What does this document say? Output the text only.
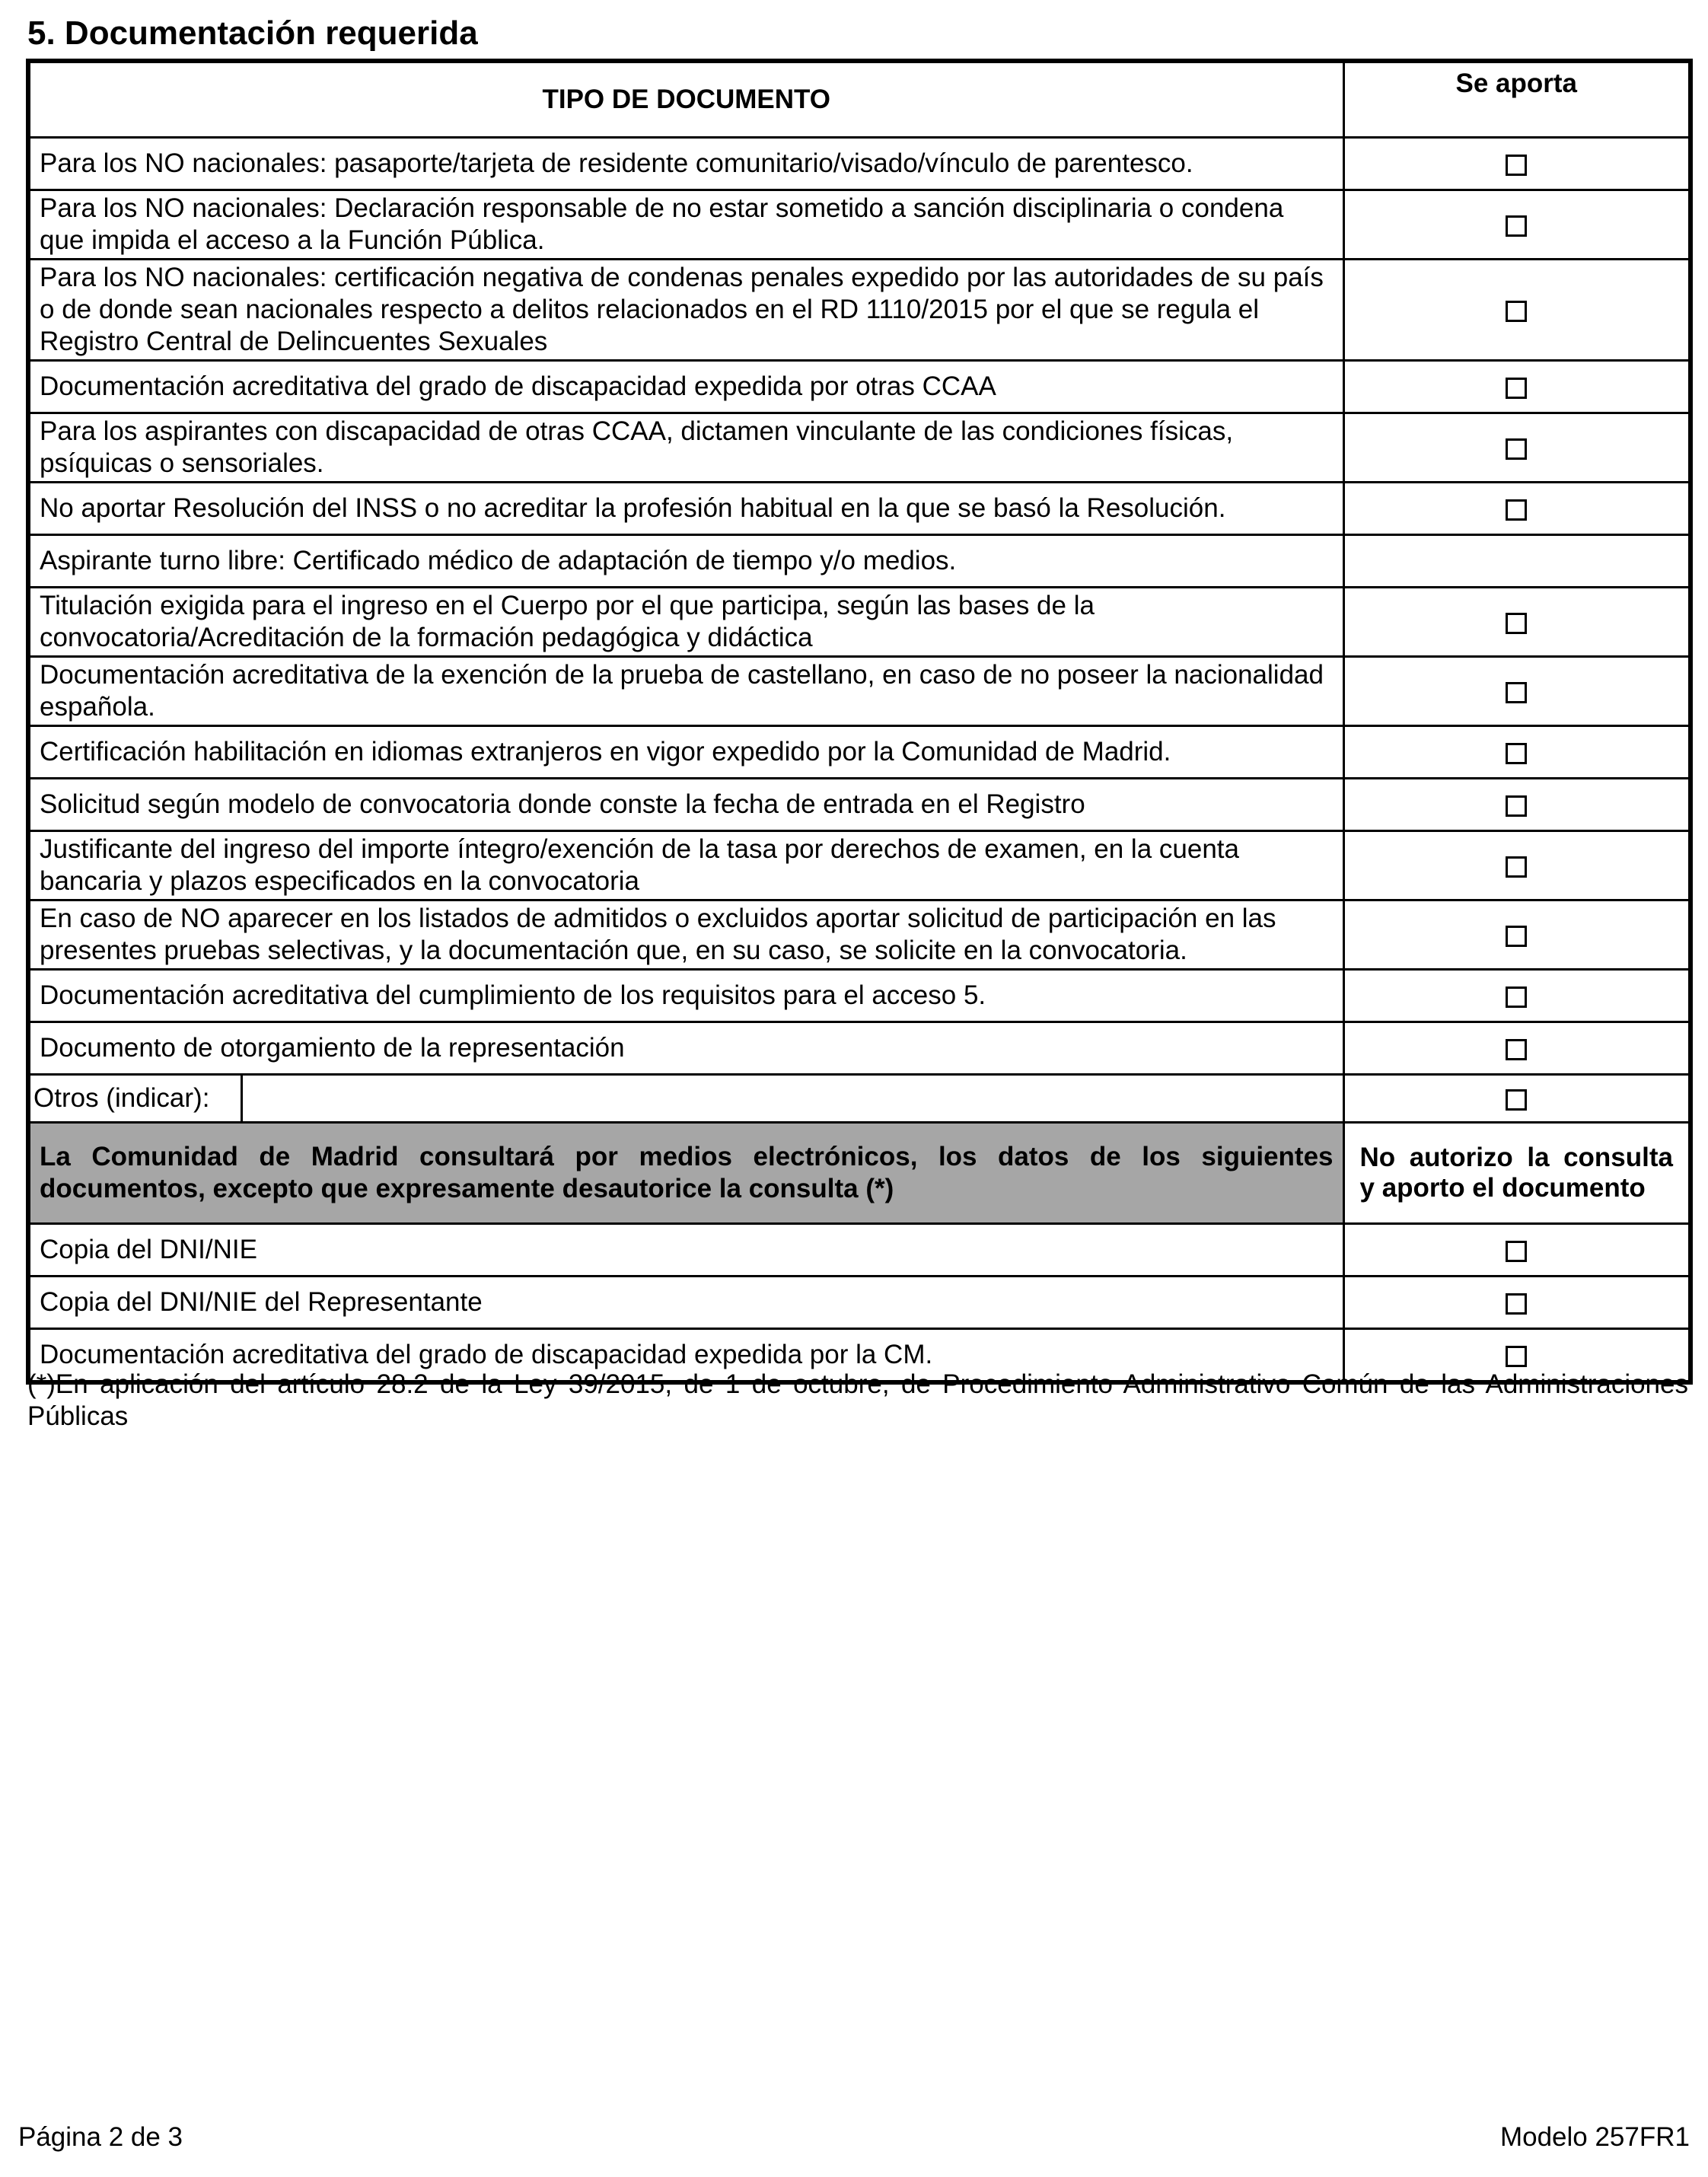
5. Documentación requerida
TIPO DE DOCUMENTO	Se aporta
Para los NO nacionales: pasaporte/tarjeta de residente comunitario/visado/vínculo de parentesco.	
Para los NO nacionales: Declaración responsable de no estar sometido a sanción disciplinaria o condena que impida el acceso a la Función Pública.	
Para los NO nacionales: certificación negativa de condenas penales expedido por las autoridades de su país o de donde sean nacionales respecto a delitos relacionados en el RD 1110/2015 por el que se regula el Registro Central de Delincuentes Sexuales	
Documentación acreditativa del grado de discapacidad expedida por otras CCAA	
Para los aspirantes con discapacidad de otras CCAA, dictamen vinculante de las condiciones físicas, psíquicas o sensoriales.	
No aportar Resolución del INSS o no acreditar la profesión habitual en la que se basó la Resolución.	
Aspirante turno libre: Certificado médico de adaptación de tiempo y/o medios.	
Titulación exigida para el ingreso en el Cuerpo por el que participa, según las bases de la convocatoria/Acreditación de la formación pedagógica y didáctica	
Documentación acreditativa de la exención de la prueba de castellano, en caso de no poseer la nacionalidad española.	
Certificación habilitación en idiomas extranjeros en vigor expedido por la Comunidad de Madrid.	
Solicitud según modelo de convocatoria donde conste la fecha de entrada en el Registro	
Justificante del ingreso del importe íntegro/exención de la tasa por derechos de examen, en la cuenta bancaria y plazos especificados en la convocatoria	
En caso de NO aparecer en los listados de admitidos o excluidos aportar solicitud de participación en las presentes pruebas selectivas, y la documentación que, en su caso, se solicite en la convocatoria.	
Documentación acreditativa del cumplimiento de los requisitos para el acceso 5.	
Documento de otorgamiento de la representación	

Otros (indicar):	

La Comunidad de Madrid consultará por medios electrónicos, los datos de los siguientes documentos, excepto que expresamente desautorice la consulta (*)	No autorizo la consulta y aporto el documento
Copia del DNI/NIE	
Copia del DNI/NIE del Representante	
Documentación acreditativa del grado de discapacidad expedida por la CM.	
(*)En aplicación del artículo 28.2 de la Ley 39/2015, de 1 de octubre, de Procedimiento Administrativo Común de las Administraciones Públicas
Página 2 de 3	Modelo 257FR1
